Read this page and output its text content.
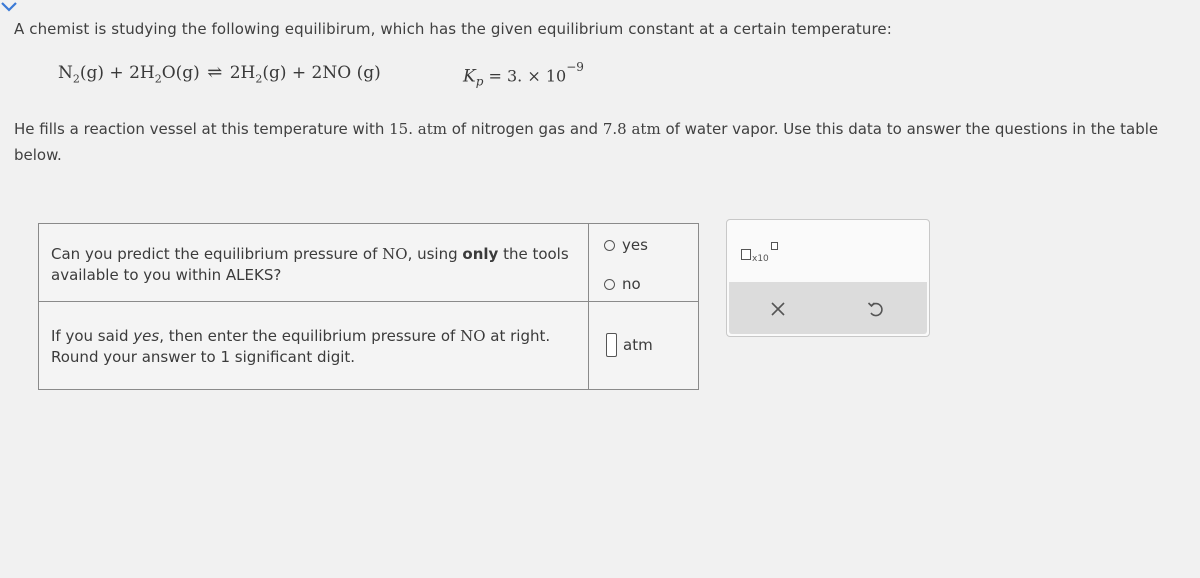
A chemist is studying the following equilibirum, which has the given equilibrium constant at a certain temperature:
$N_2(g) + 2H_2O(g)$ ⇌ $2H_2(g) + 2NO$ (g)	$K_p = 3$. × $10^{-9}$
He fills a reaction vessel at this temperature with 15. atm of nitrogen gas and 7.8 atm of water vapor. Use this data to answer the questions in the table below.
Can you predict the equilibrium pressure of NO, using only the tools available to you within ALEKS?
yes
no
If you said yes, then enter the equilibrium pressure of NO at right. Round your answer to 1 significant digit.
atm
x10
